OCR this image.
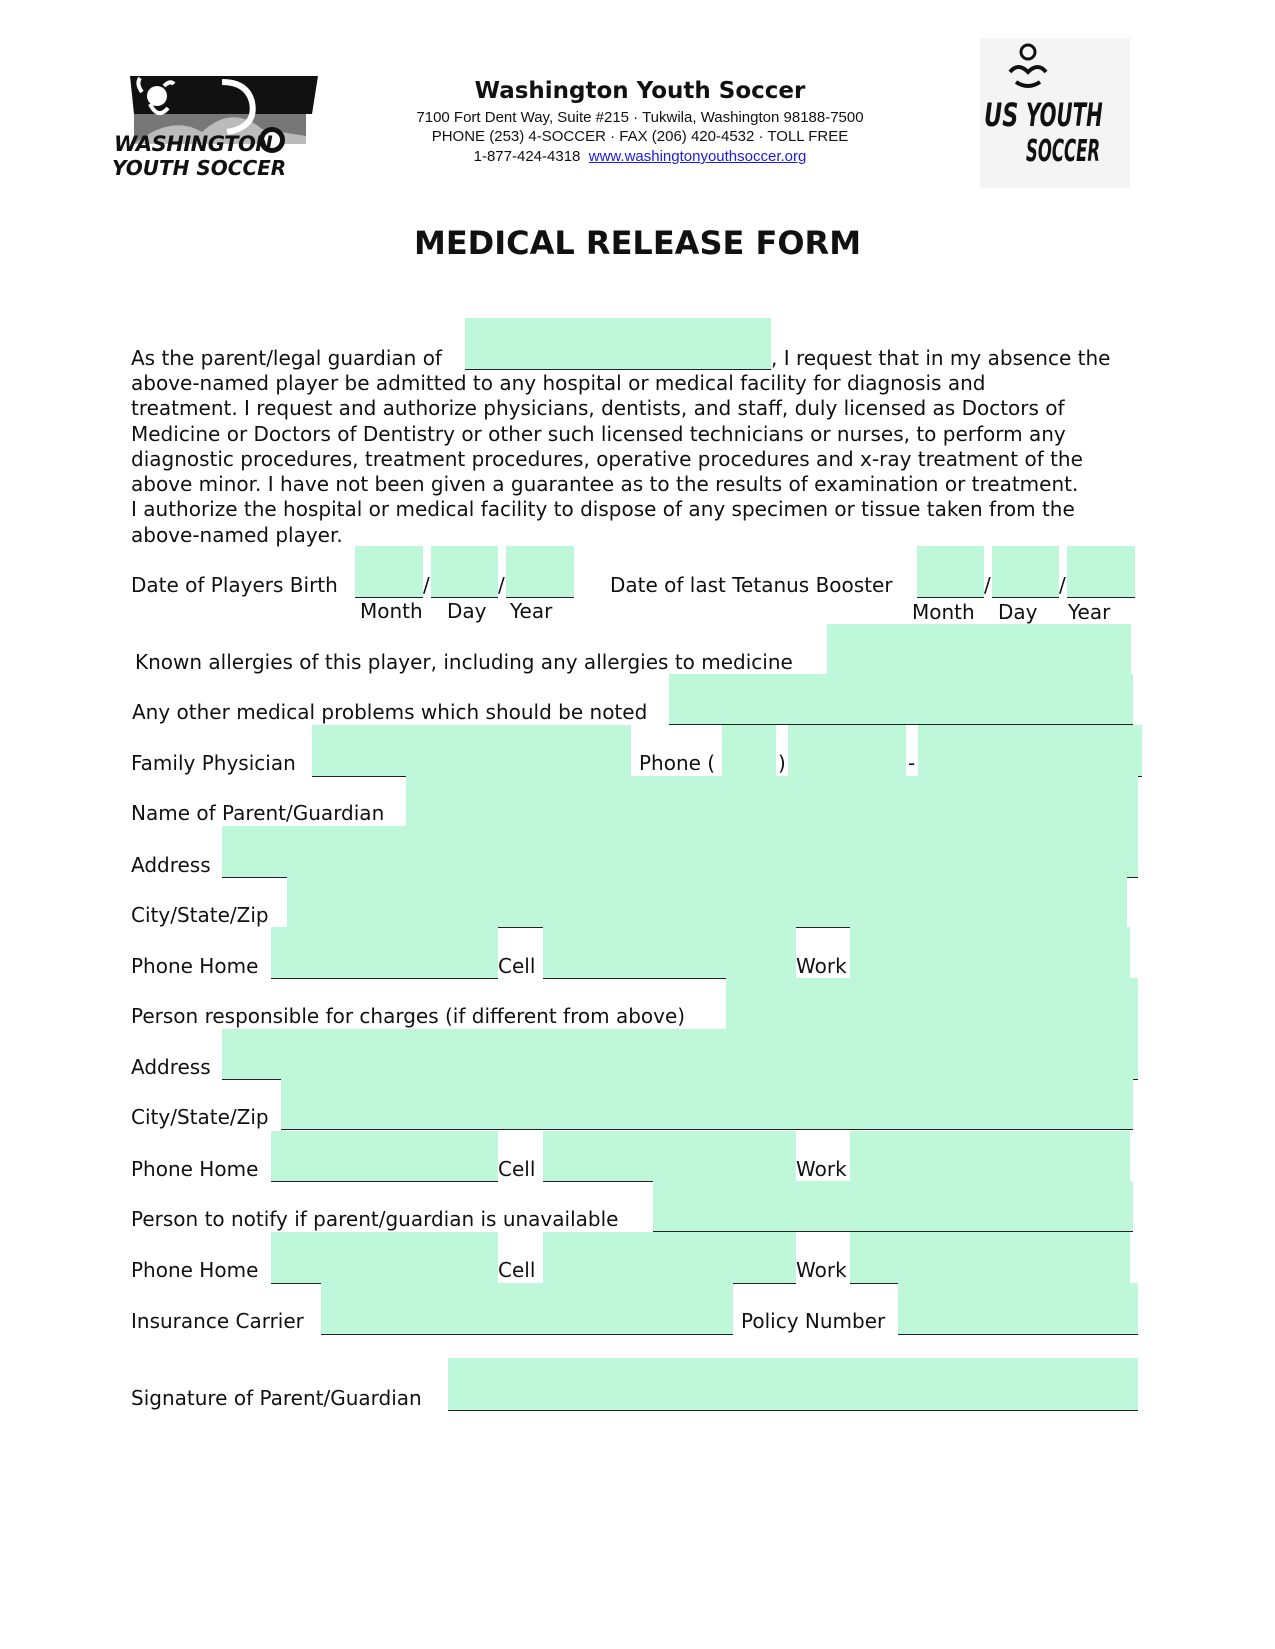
WASHINGTON
YOUTH SOCCER
Washington Youth Soccer
7100 Fort Dent Way, Suite #215 · Tukwila, Washington 98188-7500
PHONE (253) 4-SOCCER · FAX (206) 420-4532 · TOLL FREE
1-877-424-4318 www.washingtonyouthsoccer.org
US YOUTH
SOCCER
MEDICAL RELEASE FORM
As the parent/legal guardian of	, I request that in my absence the
above-named player be admitted to any hospital or medical facility for diagnosis and
treatment. I request and authorize physicians, dentists, and staff, duly licensed as Doctors of
Medicine or Doctors of Dentistry or other such licensed technicians or nurses, to perform any
diagnostic procedures, treatment procedures, operative procedures and x-ray treatment of the
above minor. I have not been given a guarantee as to the results of examination or treatment.
I authorize the hospital or medical facility to dispose of any specimen or tissue taken from the
above-named player.
Date of Players Birth	/	/
Month Day Year
Date of last Tetanus Booster	/	/
Month Day Year
Known allergies of this player, including any allergies to medicine
Any other medical problems which should be noted
Family Physician	Phone (	)	-
Name of Parent/Guardian
Address
City/State/Zip
Phone Home	Cell	Work
Person responsible for charges (if different from above)
Address
City/State/Zip
Phone Home	Cell	Work
Person to notify if parent/guardian is unavailable
Phone Home	Cell	Work
Insurance Carrier	Policy Number
Signature of Parent/Guardian
